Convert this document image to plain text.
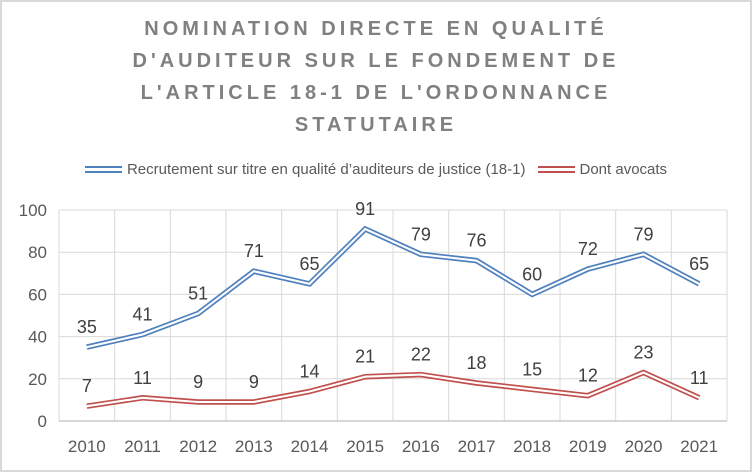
NOMINATION DIRECTE EN QUALITÉ
D'AUDITEUR SUR LE FONDEMENT DE
L'ARTICLE 18-1 DE L'ORDONNANCE
STATUTAIRE
Recrutement sur titre en qualité d’auditeurs de justice (18-1)	Dont avocats
0
20
40
60
80
100
2010 2011 2012 2013 2014 2015 2016 2017 2018 2019 2020 2021
35
41
51
71
65
91
79 76
60
72
79
65
7 11 9	9
14
21 22 18 15 12
23
11
